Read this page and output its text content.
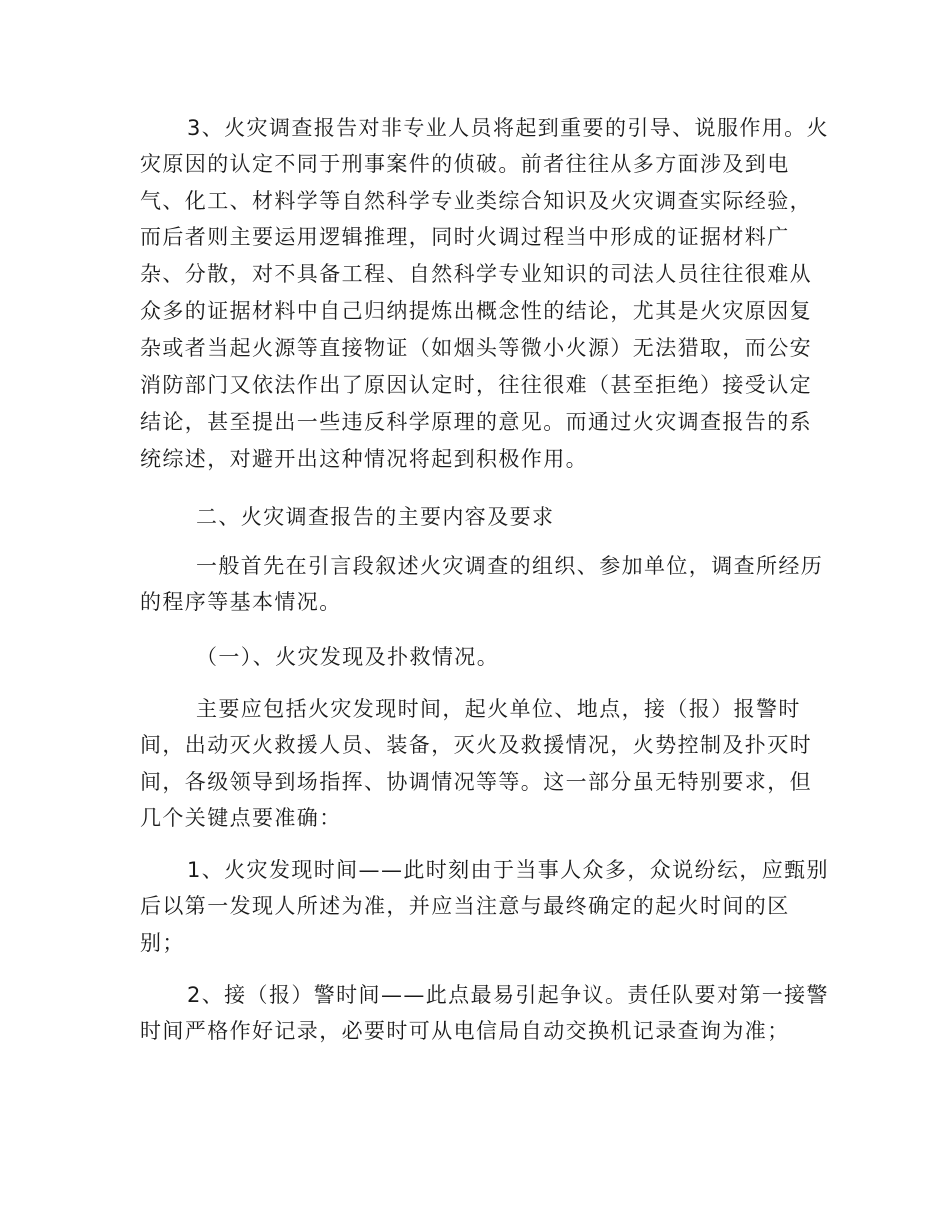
3、火灾调查报告对非专业人员将起到重要的引导、说服作用。火
灾原因的认定不同于刑事案件的侦破。前者往往从多方面涉及到电
气、化工、材料学等自然科学专业类综合知识及火灾调查实际经验，
而后者则主要运用逻辑推理，同时火调过程当中形成的证据材料广
杂、分散，对不具备工程、自然科学专业知识的司法人员往往很难从
众多的证据材料中自己归纳提炼出概念性的结论，尤其是火灾原因复
杂或者当起火源等直接物证（如烟头等微小火源）无法猎取，而公安
消防部门又依法作出了原因认定时，往往很难（甚至拒绝）接受认定
结论，甚至提出一些违反科学原理的意见。而通过火灾调查报告的系
统综述，对避开出这种情况将起到积极作用。
二、火灾调查报告的主要内容及要求
一般首先在引言段叙述火灾调查的组织、参加单位，调查所经历
的程序等基本情况。
（一）、火灾发现及扑救情况。
主要应包括火灾发现时间，起火单位、地点，接（报）报警时
间，出动灭火救援人员、装备，灭火及救援情况，火势控制及扑灭时
间，各级领导到场指挥、协调情况等等。这一部分虽无特别要求，但
几个关键点要准确：
1、火灾发现时间——此时刻由于当事人众多，众说纷纭，应甄别
后以第一发现人所述为准，并应当注意与最终确定的起火时间的区
别；
2、接（报）警时间——此点最易引起争议。责任队要对第一接警
时间严格作好记录，必要时可从电信局自动交换机记录查询为准；
